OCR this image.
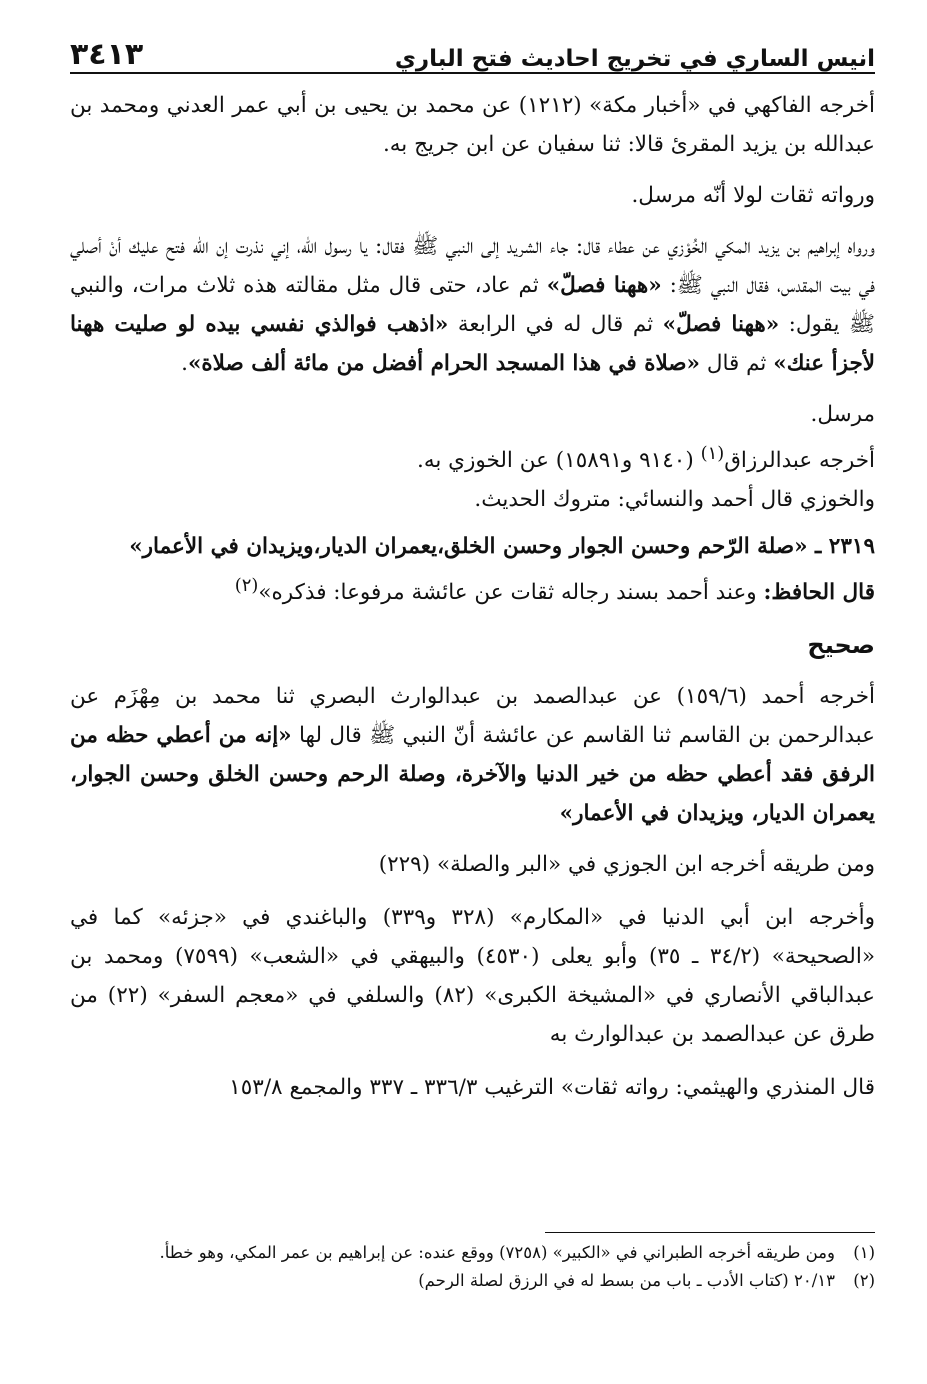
انيس الساري في تخريج احاديث فتح الباري
٣٤١٣

أخرجه الفاكهي في «أخبار مكة» (١٢١٢) عن محمد بن يحيى بن أبي عمر العدني ومحمد بن عبدالله بن يزيد المقرئ قالا: ثنا سفيان عن ابن جريج به.

ورواته ثقات لولا أنّه مرسل.

ورواه إبراهيم بن يزيد المكي الخُوْزي عن عطاء قال: جاء الشريد إلى النبي ﷺ فقال: يا رسول الله، إني نذرت إن الله فتح عليك أنْ أصلي في بيت المقدس، فقال النبي ﷺ: «ههنا فصلّ» ثم عاد، حتى قال مثل مقالته هذه ثلاث مرات، والنبي ﷺ يقول: «ههنا فصلّ» ثم قال له في الرابعة «اذهب فوالذي نفسي بيده لو صليت ههنا لأجزأ عنك» ثم قال «صلاة في هذا المسجد الحرام أفضل من مائة ألف صلاة».

مرسل.

أخرجه عبدالرزاق$^{(١)}$ (٩١٤٠ و١٥٨٩١) عن الخوزي به.

والخوزي قال أحمد والنسائي: متروك الحديث.

٢٣١٩ ـ «صلة الرّحم وحسن الجوار وحسن الخلق،يعمران الديار،ويزيدان في الأعمار»

قال الحافظ: وعند أحمد بسند رجاله ثقات عن عائشة مرفوعا: فذكره»$^{(٢)}$

صحيح

أخرجه أحمد (١٥٩/٦) عن عبدالصمد بن عبدالوارث البصري ثنا محمد بن مِهْزَم عن عبدالرحمن بن القاسم ثنا القاسم عن عائشة أنّ النبي ﷺ قال لها «إنه من أعطي حظه من الرفق فقد أعطي حظه من خير الدنيا والآخرة، وصلة الرحم وحسن الخلق وحسن الجوار، يعمران الديار، ويزيدان في الأعمار»

ومن طريقه أخرجه ابن الجوزي في «البر والصلة» (٢٢٩)

وأخرجه ابن أبي الدنيا في «المكارم» (٣٢٨ و٣٣٩) والباغندي في «جزئه» كما في «الصحيحة» (٣٤/٢ ـ ٣٥) وأبو يعلى (٤٥٣٠) والبيهقي في «الشعب» (٧٥٩٩) ومحمد بن عبدالباقي الأنصاري في «المشيخة الكبرى» (٨٢) والسلفي في «معجم السفر» (٢٢) من طرق عن عبدالصمد بن عبدالوارث به

قال المنذري والهيثمي: رواته ثقات» الترغيب ٣٣٦/٣ ـ ٣٣٧ والمجمع ١٥٣/٨

(١)
ومن طريقه أخرجه الطبراني في «الكبير» (٧٢٥٨) ووقع عنده: عن إبراهيم بن عمر المكي، وهو خطأ.
(٢)
٢٠/١٣ (كتاب الأدب ـ باب من بسط له في الرزق لصلة الرحم)
